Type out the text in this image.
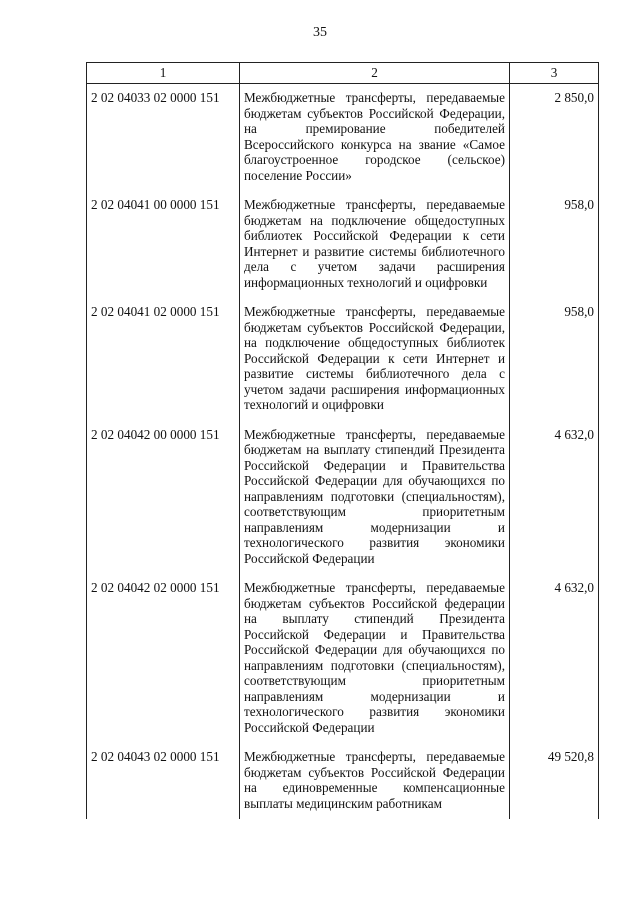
35
1	2	3
2 02 04033 02 0000 151	Межбюджетные трансферты, передаваемые бюджетам субъектов Российской Федерации, на премирование победителей Всероссийского конкурса на звание «Самое благоустроенное городское (сельское) поселение России»	2 850,0
2 02 04041 00 0000 151	Межбюджетные трансферты, передаваемые бюджетам на подключение общедоступных библиотек Российской Федерации к сети Интернет и развитие системы библиотечного дела с учетом задачи расширения информационных технологий и оцифровки	958,0
2 02 04041 02 0000 151	Межбюджетные трансферты, передаваемые бюджетам субъектов Российской Федерации, на подключение общедоступных библиотек Российской Федерации к сети Интернет и развитие системы библиотечного дела с учетом задачи расширения информационных технологий и оцифровки	958,0
2 02 04042 00 0000 151	Межбюджетные трансферты, передаваемые бюджетам на выплату стипендий Президента Российской Федерации и Правительства Российской Федерации для обучающихся по направлениям подготовки (специальностям), соответствующим приоритетным направлениям модернизации и технологического развития экономики Российской Федерации	4 632,0
2 02 04042 02 0000 151	Межбюджетные трансферты, передаваемые бюджетам субъектов Российской федерации на выплату стипендий Президента Российской Федерации и Правительства Российской Федерации для обучающихся по направлениям подготовки (специальностям), соответствующим приоритетным направлениям модернизации и технологического развития экономики Российской Федерации	4 632,0
2 02 04043 02 0000 151	Межбюджетные трансферты, передаваемые бюджетам субъектов Российской Федерации на единовременные компенсационные выплаты медицинским работникам	49 520,8
